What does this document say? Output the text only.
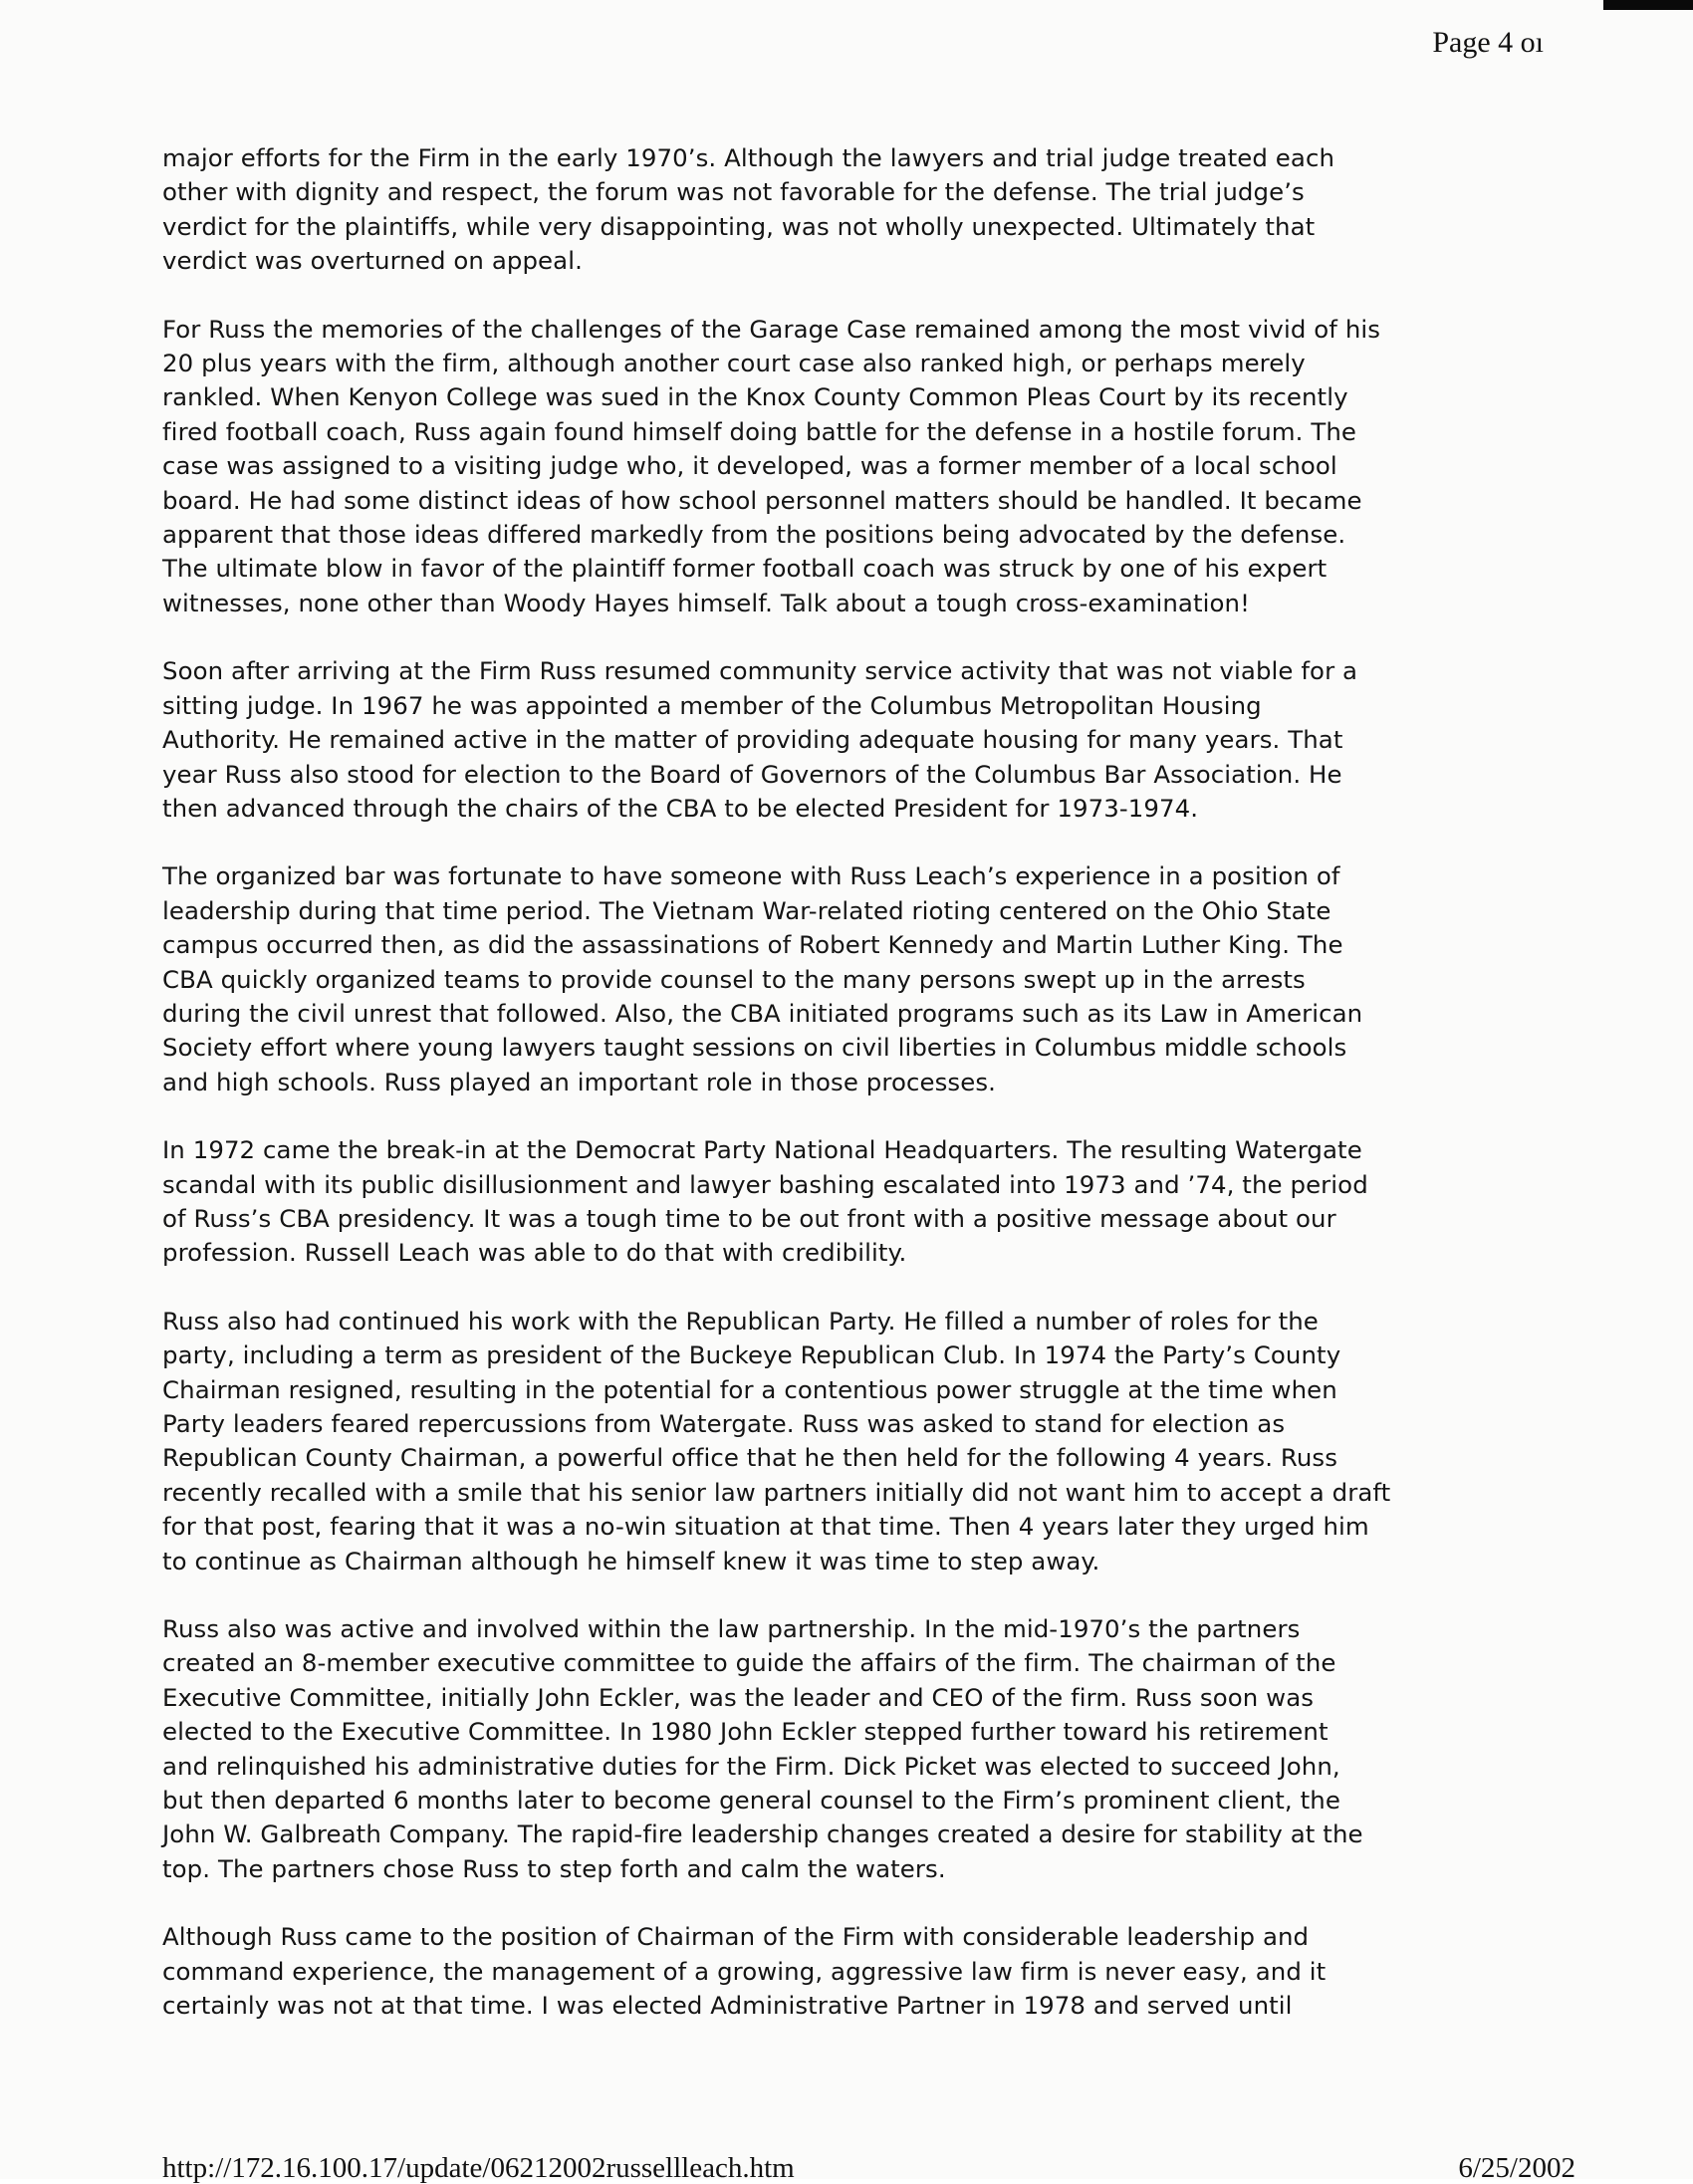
Page 4 oı

major efforts for the Firm in the early 1970’s. Although the lawyers and trial judge treated each
other with dignity and respect, the forum was not favorable for the defense. The trial judge’s
verdict for the plaintiffs, while very disappointing, was not wholly unexpected. Ultimately that
verdict was overturned on appeal.

For Russ the memories of the challenges of the Garage Case remained among the most vivid of his
20 plus years with the firm, although another court case also ranked high, or perhaps merely
rankled. When Kenyon College was sued in the Knox County Common Pleas Court by its recently
fired football coach, Russ again found himself doing battle for the defense in a hostile forum. The
case was assigned to a visiting judge who, it developed, was a former member of a local school
board. He had some distinct ideas of how school personnel matters should be handled. It became
apparent that those ideas differed markedly from the positions being advocated by the defense.
The ultimate blow in favor of the plaintiff former football coach was struck by one of his expert
witnesses, none other than Woody Hayes himself. Talk about a tough cross-examination!

Soon after arriving at the Firm Russ resumed community service activity that was not viable for a
sitting judge. In 1967 he was appointed a member of the Columbus Metropolitan Housing
Authority. He remained active in the matter of providing adequate housing for many years. That
year Russ also stood for election to the Board of Governors of the Columbus Bar Association. He
then advanced through the chairs of the CBA to be elected President for 1973-1974.

The organized bar was fortunate to have someone with Russ Leach’s experience in a position of
leadership during that time period. The Vietnam War-related rioting centered on the Ohio State
campus occurred then, as did the assassinations of Robert Kennedy and Martin Luther King. The
CBA quickly organized teams to provide counsel to the many persons swept up in the arrests
during the civil unrest that followed. Also, the CBA initiated programs such as its Law in American
Society effort where young lawyers taught sessions on civil liberties in Columbus middle schools
and high schools. Russ played an important role in those processes.

In 1972 came the break-in at the Democrat Party National Headquarters. The resulting Watergate
scandal with its public disillusionment and lawyer bashing escalated into 1973 and ’74, the period
of Russ’s CBA presidency. It was a tough time to be out front with a positive message about our
profession. Russell Leach was able to do that with credibility.

Russ also had continued his work with the Republican Party. He filled a number of roles for the
party, including a term as president of the Buckeye Republican Club. In 1974 the Party’s County
Chairman resigned, resulting in the potential for a contentious power struggle at the time when
Party leaders feared repercussions from Watergate. Russ was asked to stand for election as
Republican County Chairman, a powerful office that he then held for the following 4 years. Russ
recently recalled with a smile that his senior law partners initially did not want him to accept a draft
for that post, fearing that it was a no-win situation at that time. Then 4 years later they urged him
to continue as Chairman although he himself knew it was time to step away.

Russ also was active and involved within the law partnership. In the mid-1970’s the partners
created an 8-member executive committee to guide the affairs of the firm. The chairman of the
Executive Committee, initially John Eckler, was the leader and CEO of the firm. Russ soon was
elected to the Executive Committee. In 1980 John Eckler stepped further toward his retirement
and relinquished his administrative duties for the Firm. Dick Picket was elected to succeed John,
but then departed 6 months later to become general counsel to the Firm’s prominent client, the
John W. Galbreath Company. The rapid-fire leadership changes created a desire for stability at the
top. The partners chose Russ to step forth and calm the waters.

Although Russ came to the position of Chairman of the Firm with considerable leadership and
command experience, the management of a growing, aggressive law firm is never easy, and it
certainly was not at that time. I was elected Administrative Partner in 1978 and served until

http://172.16.100.17/update/06212002russellleach.htm	6/25/2002
